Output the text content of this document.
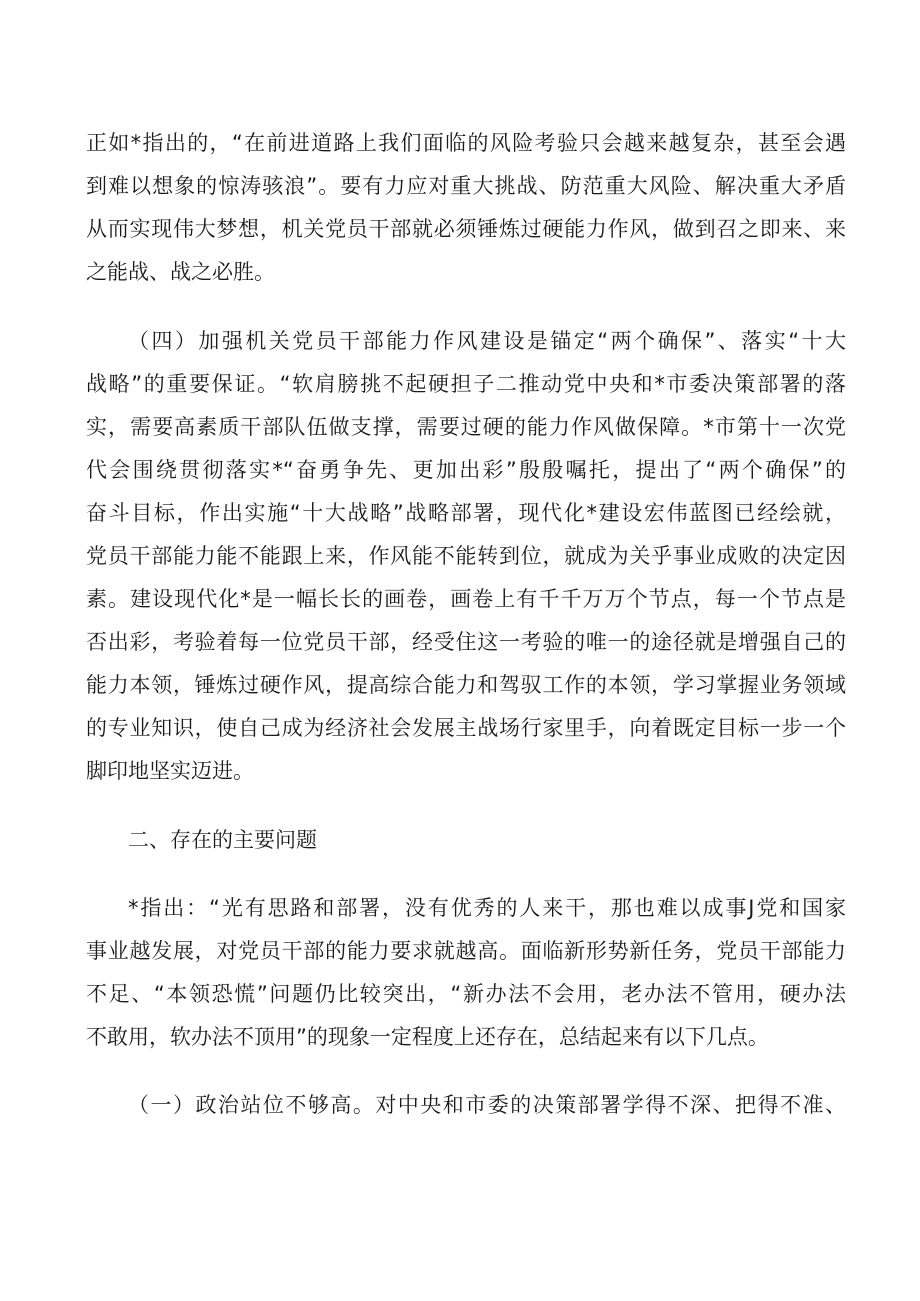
正如*指出的，“在前进道路上我们面临的风险考验只会越来越复杂，甚至会遇
到难以想象的惊涛骇浪”。要有力应对重大挑战、防范重大风险、解决重大矛盾
从而实现伟大梦想，机关党员干部就必须锤炼过硬能力作风，做到召之即来、来
之能战、战之必胜。
（四）加强机关党员干部能力作风建设是锚定“两个确保”、落实“十大
战略”的重要保证。“软肩膀挑不起硬担子二推动党中央和*市委决策部署的落
实，需要高素质干部队伍做支撑，需要过硬的能力作风做保障。*市第十一次党
代会围绕贯彻落实*“奋勇争先、更加出彩”殷殷嘱托，提出了“两个确保”的
奋斗目标，作出实施“十大战略”战略部署，现代化*建设宏伟蓝图已经绘就，
党员干部能力能不能跟上来，作风能不能转到位，就成为关乎事业成败的决定因
素。建设现代化*是一幅长长的画卷，画卷上有千千万万个节点，每一个节点是
否出彩，考验着每一位党员干部，经受住这一考验的唯一的途径就是增强自己的
能力本领，锤炼过硬作风，提高综合能力和驾驭工作的本领，学习掌握业务领域
的专业知识，使自己成为经济社会发展主战场行家里手，向着既定目标一步一个
脚印地坚实迈进。
二、存在的主要问题
*指出：“光有思路和部署，没有优秀的人来干，那也难以成事J党和国家
事业越发展，对党员干部的能力要求就越高。面临新形势新任务，党员干部能力
不足、“本领恐慌”问题仍比较突出，“新办法不会用，老办法不管用，硬办法
不敢用，软办法不顶用”的现象一定程度上还存在，总结起来有以下几点。
（一）政治站位不够高。对中央和市委的决策部署学得不深、把得不准、
